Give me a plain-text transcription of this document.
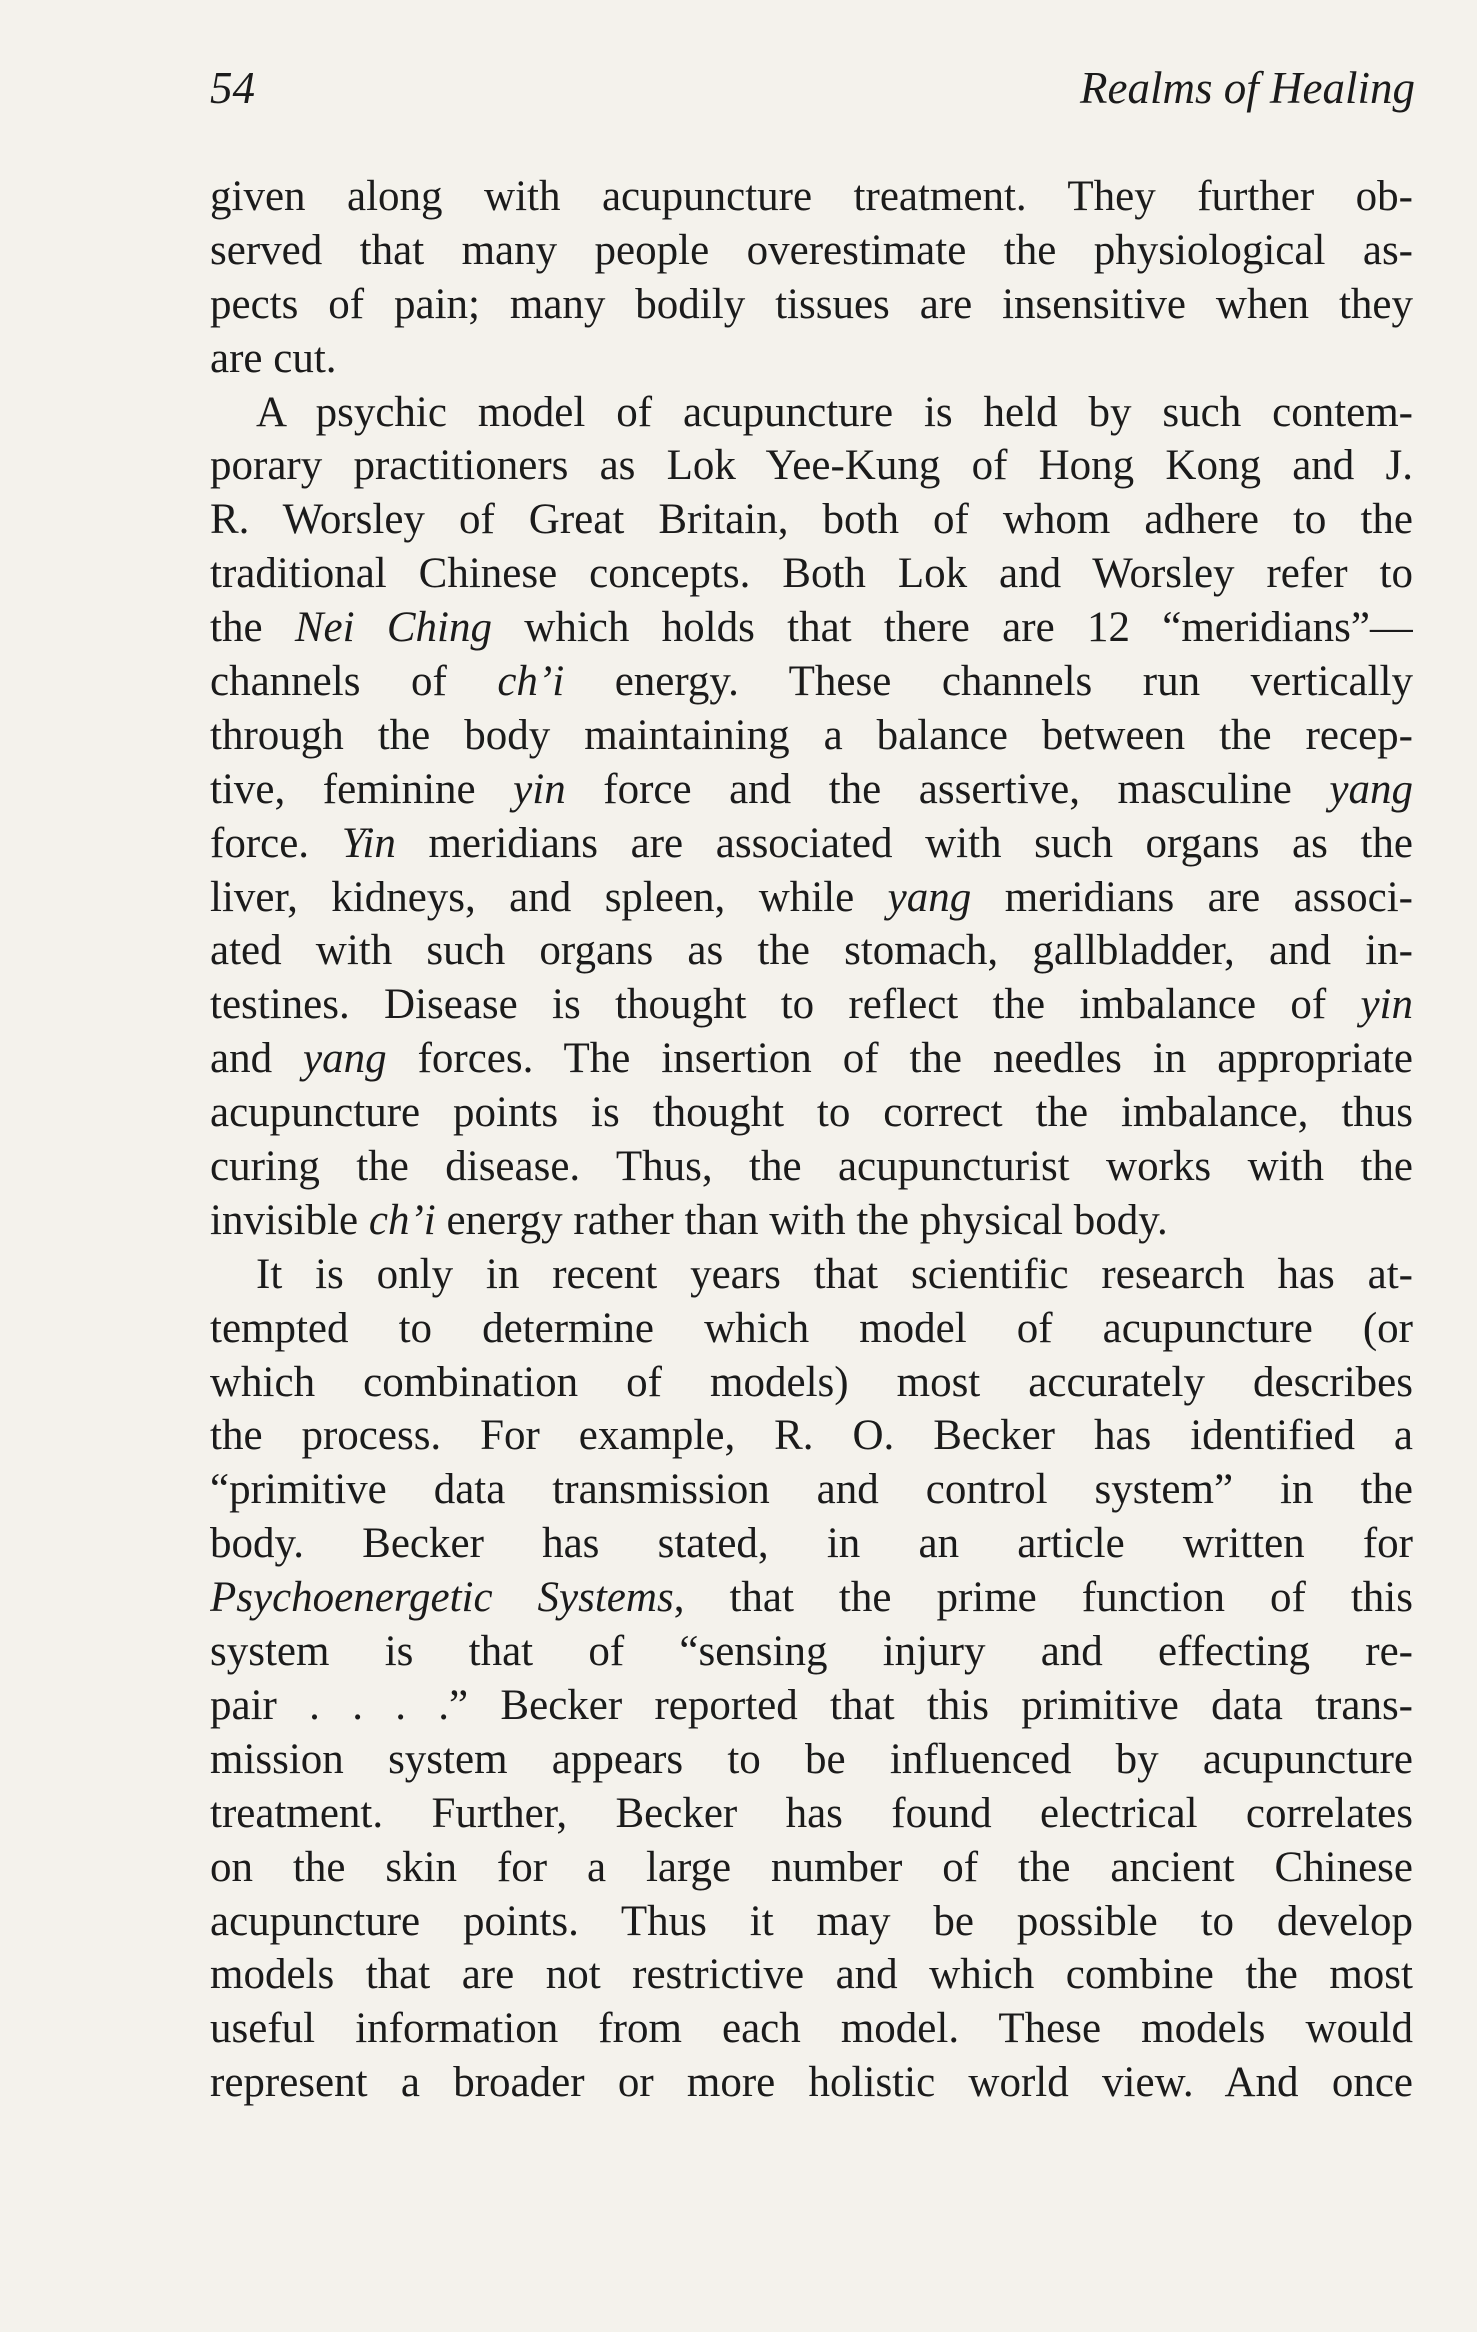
54	Realms of Healing
given along with acupuncture treatment. They further ob-
served that many people overestimate the physiological as-
pects of pain; many bodily tissues are insensitive when they
are cut.
A psychic model of acupuncture is held by such contem-
porary practitioners as Lok Yee-Kung of Hong Kong and J.
R. Worsley of Great Britain, both of whom adhere to the
traditional Chinese concepts. Both Lok and Worsley refer to
the Nei Ching which holds that there are 12 “meridians”—
channels of ch’i energy. These channels run vertically
through the body maintaining a balance between the recep-
tive, feminine yin force and the assertive, masculine yang
force. Yin meridians are associated with such organs as the
liver, kidneys, and spleen, while yang meridians are associ-
ated with such organs as the stomach, gallbladder, and in-
testines. Disease is thought to reflect the imbalance of yin
and yang forces. The insertion of the needles in appropriate
acupuncture points is thought to correct the imbalance, thus
curing the disease. Thus, the acupuncturist works with the
invisible ch’i energy rather than with the physical body.
It is only in recent years that scientific research has at-
tempted to determine which model of acupuncture (or
which combination of models) most accurately describes
the process. For example, R. O. Becker has identified a
“primitive data transmission and control system” in the
body. Becker has stated, in an article written for
Psychoenergetic Systems, that the prime function of this
system is that of “sensing injury and effecting re-
pair . . . .” Becker reported that this primitive data trans-
mission system appears to be influenced by acupuncture
treatment. Further, Becker has found electrical correlates
on the skin for a large number of the ancient Chinese
acupuncture points. Thus it may be possible to develop
models that are not restrictive and which combine the most
useful information from each model. These models would
represent a broader or more holistic world view. And once
